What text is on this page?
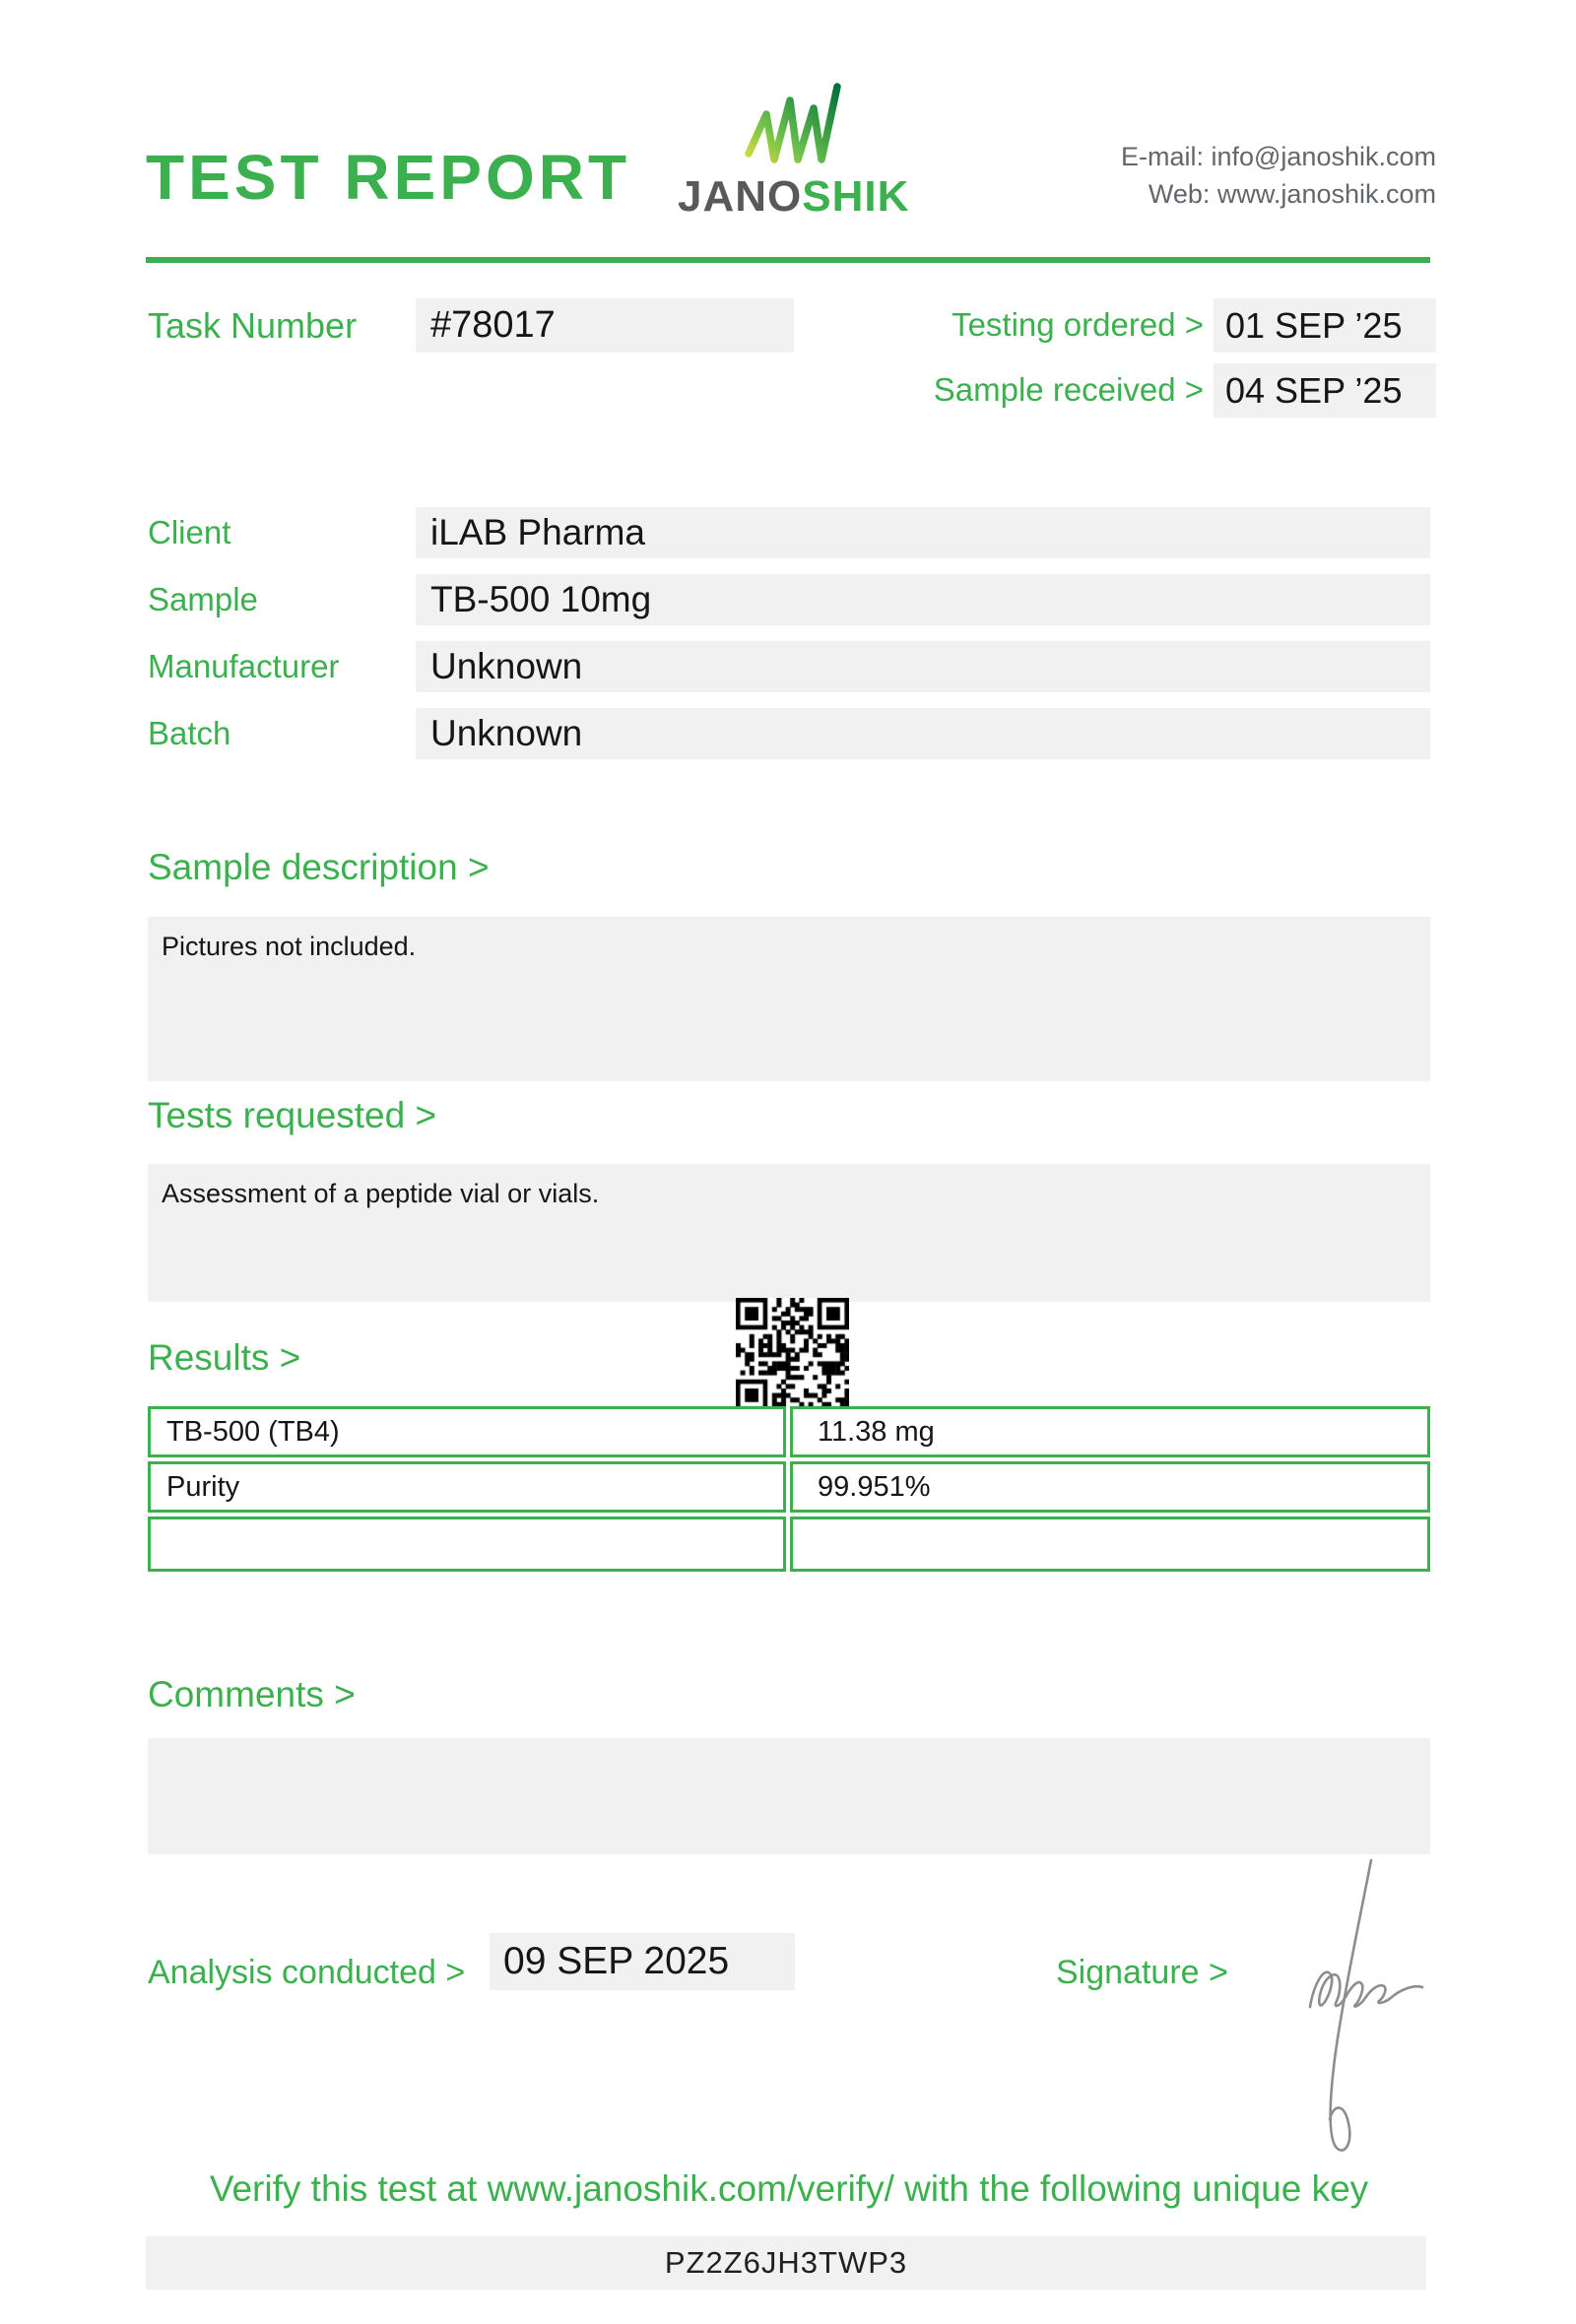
TEST REPORT JANOSHIK
E-mail: info@janoshik.com
Web: www.janoshik.com
Task Number	#78017	Testing ordered > 01 SEP ’25
Sample received > 04 SEP ’25
Client	iLAB Pharma
Sample	TB-500 10mg
Manufacturer	Unknown
Batch	Unknown
Sample description >
Pictures not included.
Tests requested >
Assessment of a peptide vial or vials.
Results >
TB-500 (TB4)	11.38 mg
Purity	99.951%
Comments >
Analysis conducted > 09 SEP 2025	Signature >
Verify this test at www.janoshik.com/verify/ with the following unique key
PZ2Z6JH3TWP3
